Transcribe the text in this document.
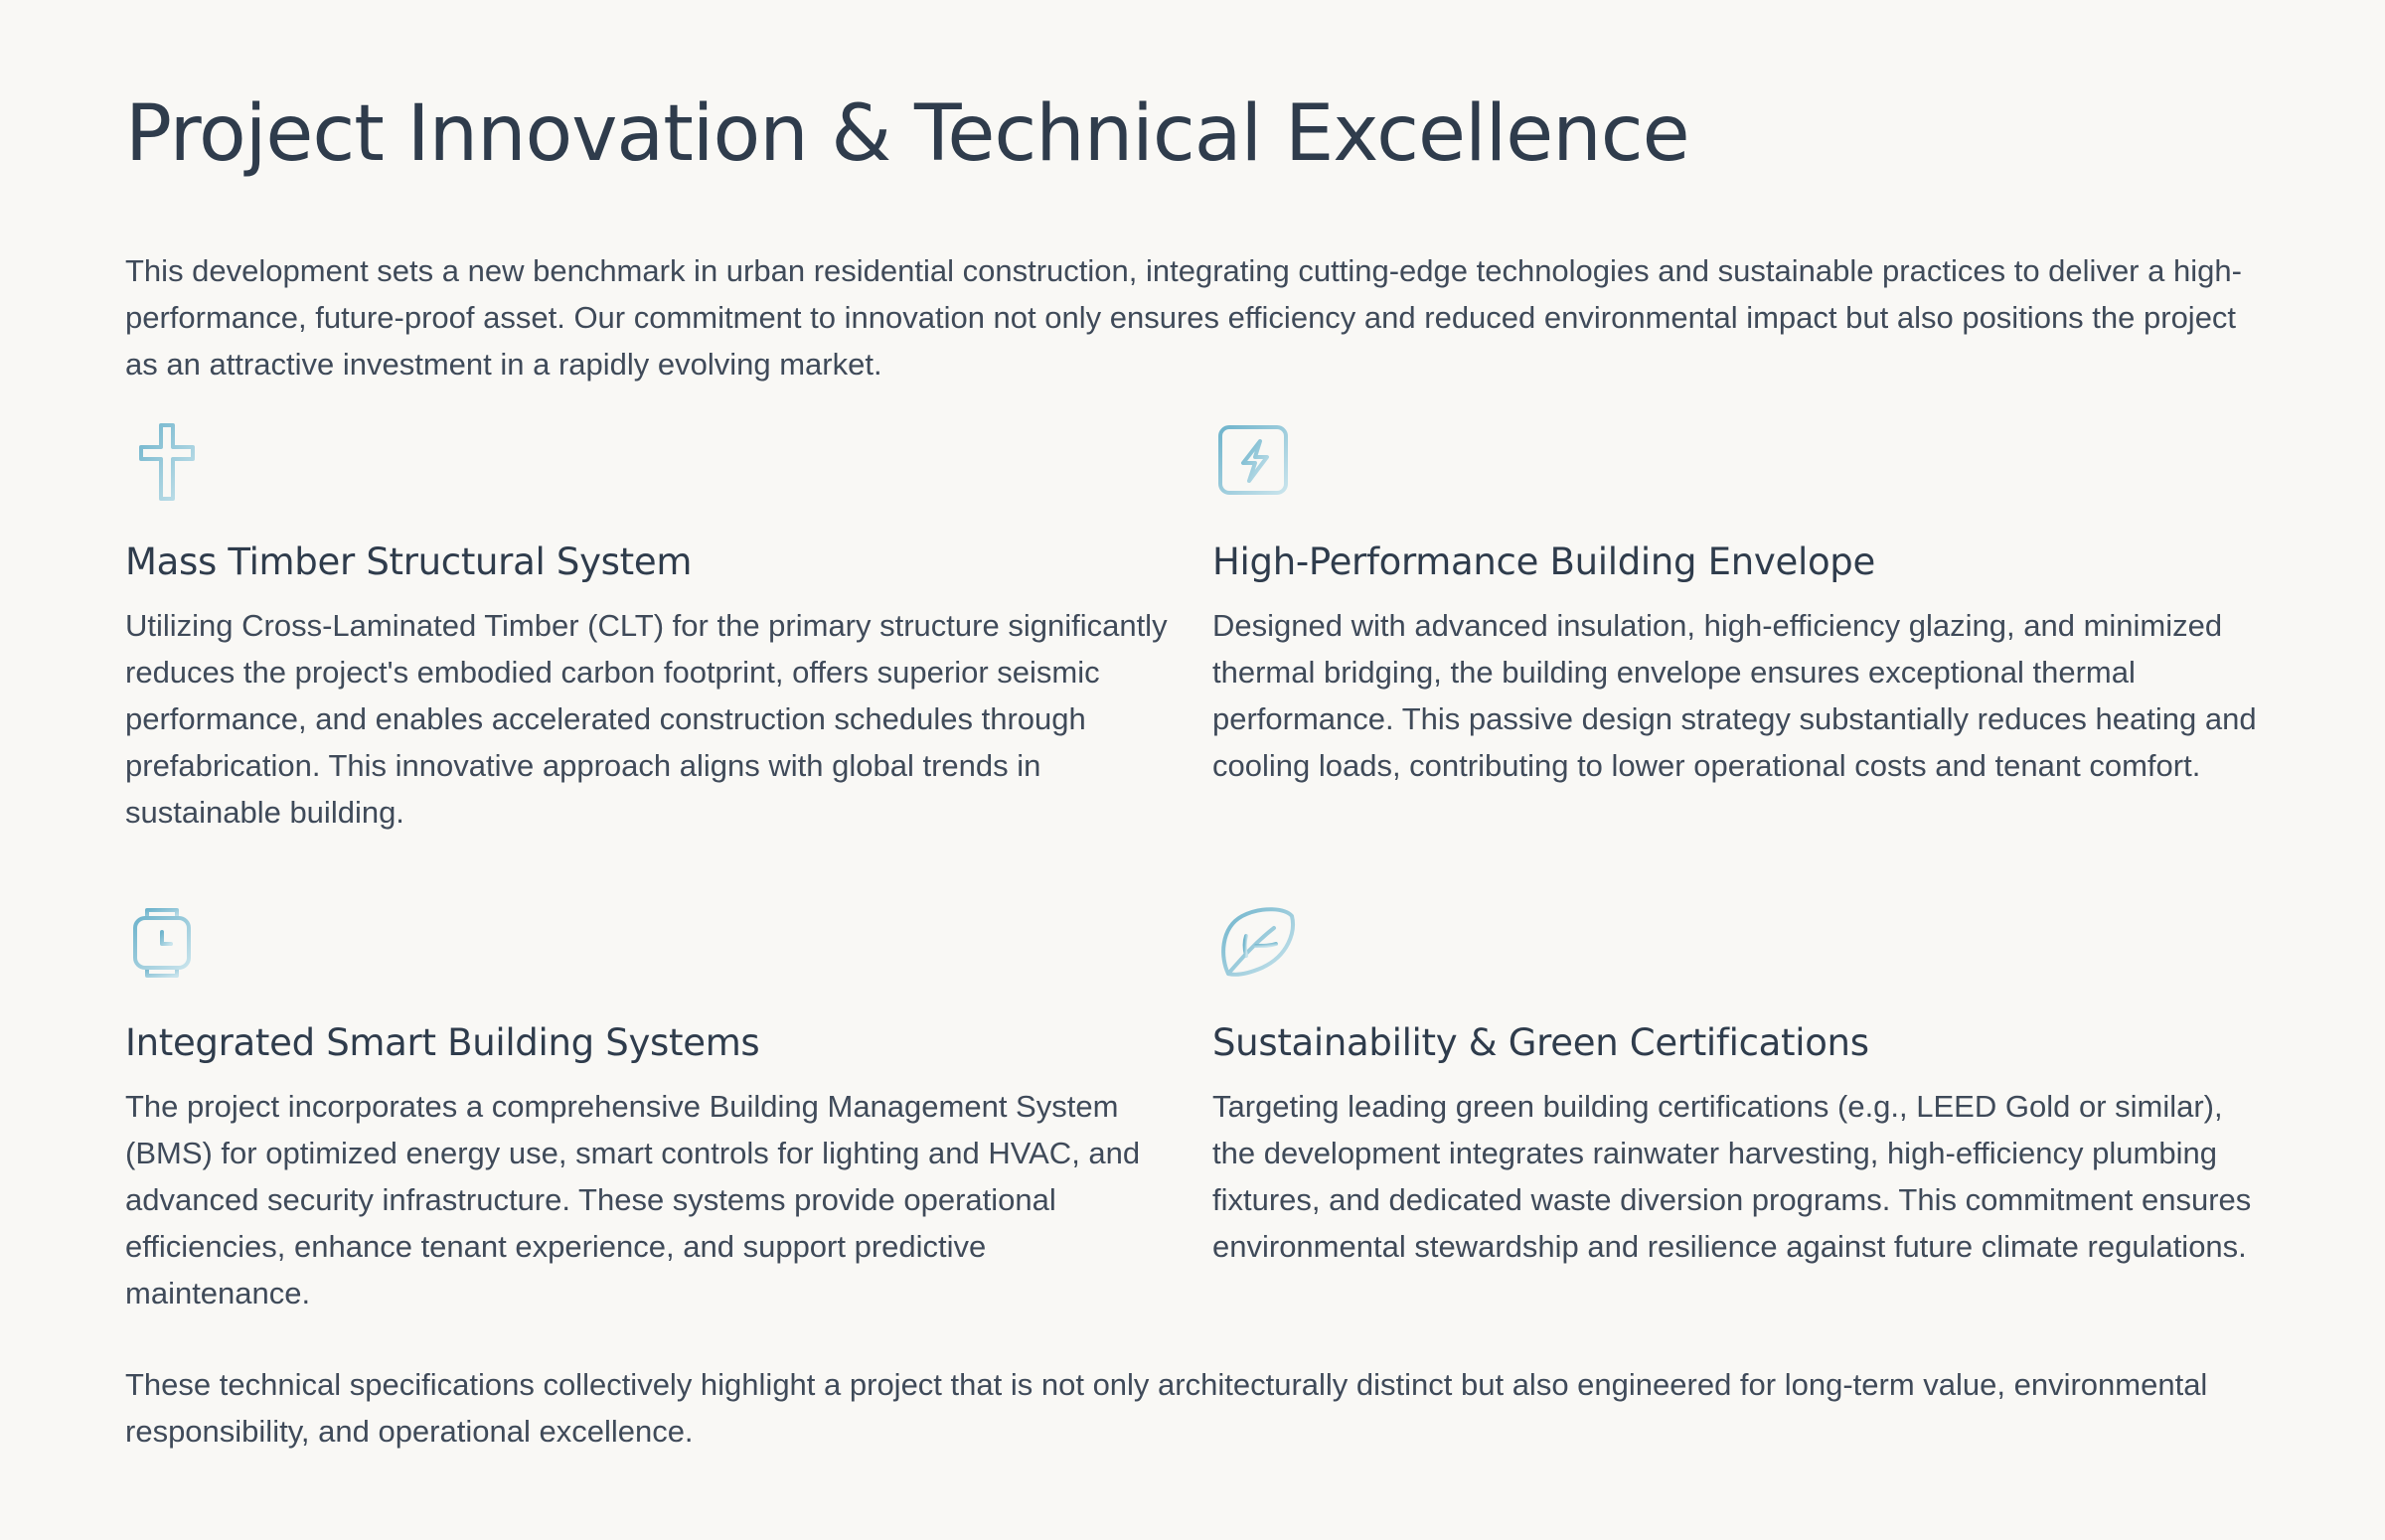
Project Innovation & Technical Excellence

This development sets a new benchmark in urban residential construction, integrating cutting-edge technologies and sustainable practices to deliver a high-performance, future-proof asset. Our commitment to innovation not only ensures efficiency and reduced environmental impact but also positions the project as an attractive investment in a rapidly evolving market.

Mass Timber Structural System

Utilizing Cross-Laminated Timber (CLT) for the primary structure significantly reduces the project's embodied carbon footprint, offers superior seismic performance, and enables accelerated construction schedules through prefabrication. This innovative approach aligns with global trends in sustainable building.

High-Performance Building Envelope

Designed with advanced insulation, high-efficiency glazing, and minimized thermal bridging, the building envelope ensures exceptional thermal performance. This passive design strategy substantially reduces heating and cooling loads, contributing to lower operational costs and tenant comfort.

Integrated Smart Building Systems

The project incorporates a comprehensive Building Management System (BMS) for optimized energy use, smart controls for lighting and HVAC, and advanced security infrastructure. These systems provide operational efficiencies, enhance tenant experience, and support predictive maintenance.

Sustainability & Green Certifications

Targeting leading green building certifications (e.g., LEED Gold or similar), the development integrates rainwater harvesting, high-efficiency plumbing fixtures, and dedicated waste diversion programs. This commitment ensures environmental stewardship and resilience against future climate regulations.

These technical specifications collectively highlight a project that is not only architecturally distinct but also engineered for long-term value, environmental responsibility, and operational excellence.
